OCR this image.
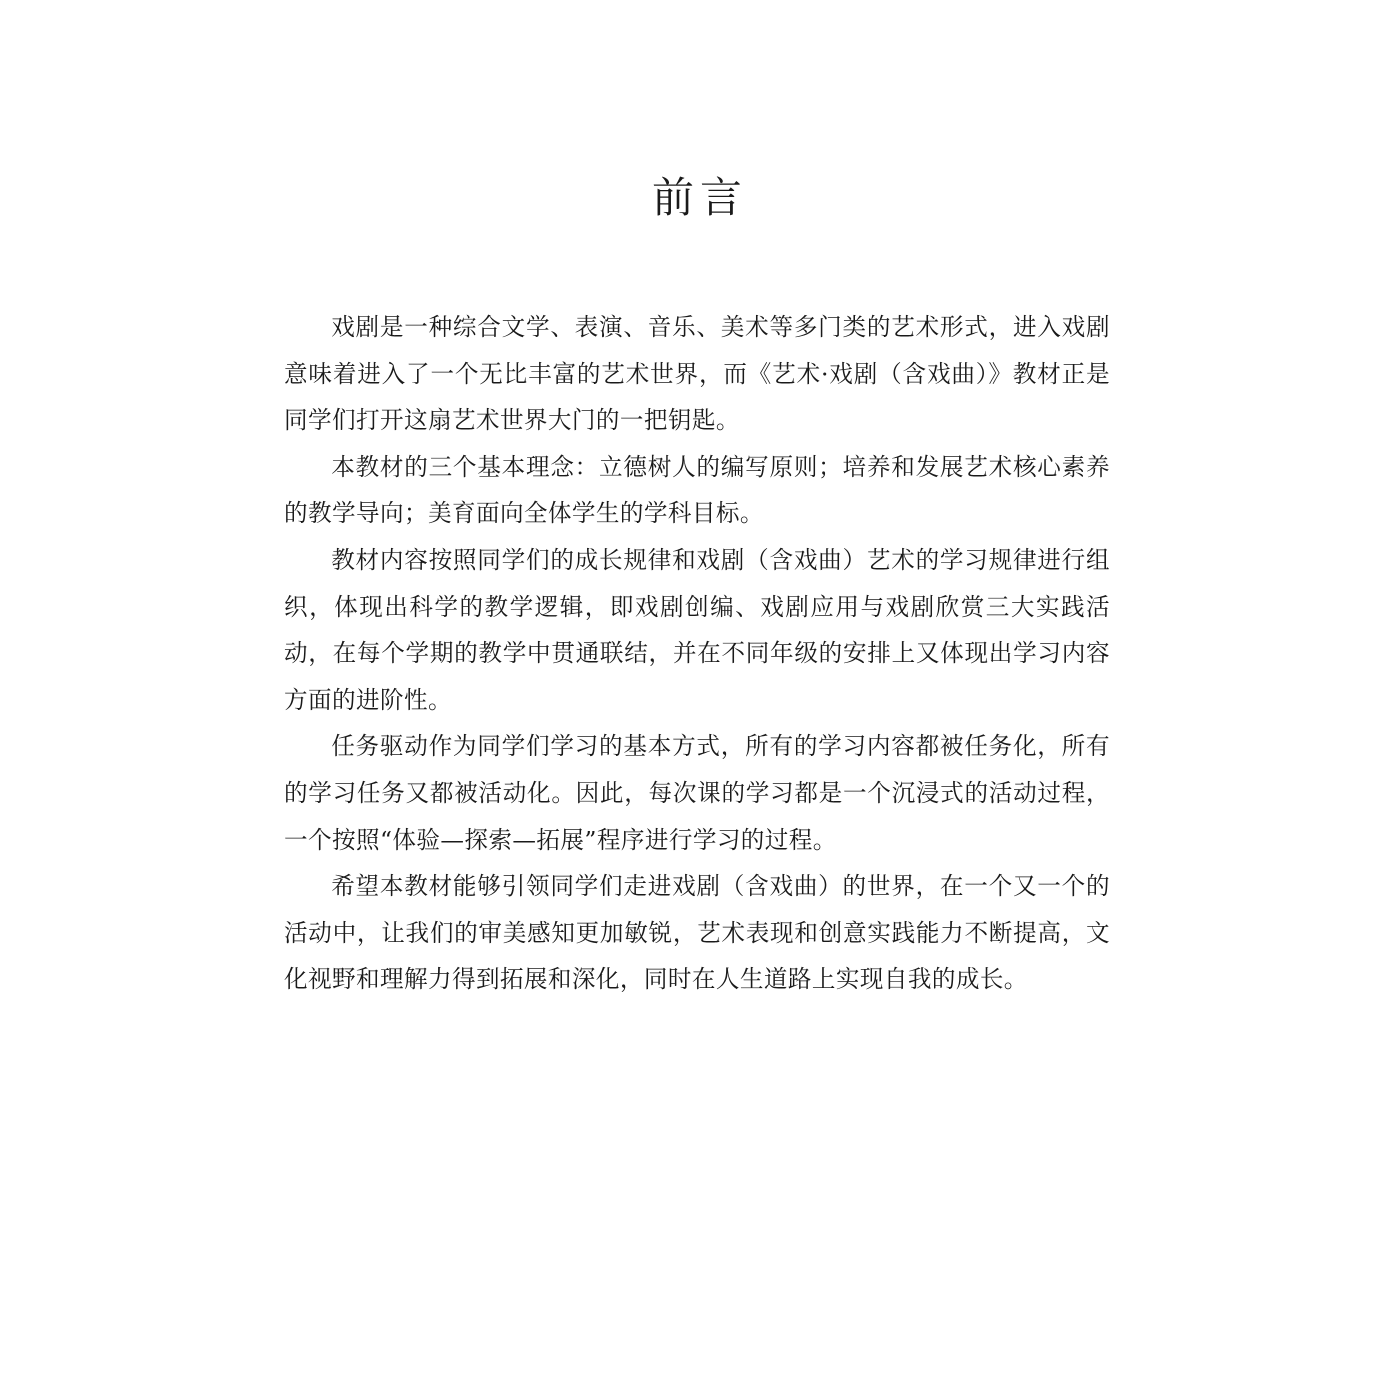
前言

戏剧是一种综合文学、表演、音乐、美术等多门类的艺术形式，进入戏剧意味着进入了一个无比丰富的艺术世界，而《艺术·戏剧（含戏曲）》教材正是同学们打开这扇艺术世界大门的一把钥匙。

本教材的三个基本理念：立德树人的编写原则；培养和发展艺术核心素养的教学导向；美育面向全体学生的学科目标。

教材内容按照同学们的成长规律和戏剧（含戏曲）艺术的学习规律进行组织，体现出科学的教学逻辑，即戏剧创编、戏剧应用与戏剧欣赏三大实践活动，在每个学期的教学中贯通联结，并在不同年级的安排上又体现出学习内容方面的进阶性。

任务驱动作为同学们学习的基本方式，所有的学习内容都被任务化，所有的学习任务又都被活动化。因此，每次课的学习都是一个沉浸式的活动过程，一个按照“体验—探索—拓展”程序进行学习的过程。

希望本教材能够引领同学们走进戏剧（含戏曲）的世界，在一个又一个的活动中，让我们的审美感知更加敏锐，艺术表现和创意实践能力不断提高，文化视野和理解力得到拓展和深化，同时在人生道路上实现自我的成长。
